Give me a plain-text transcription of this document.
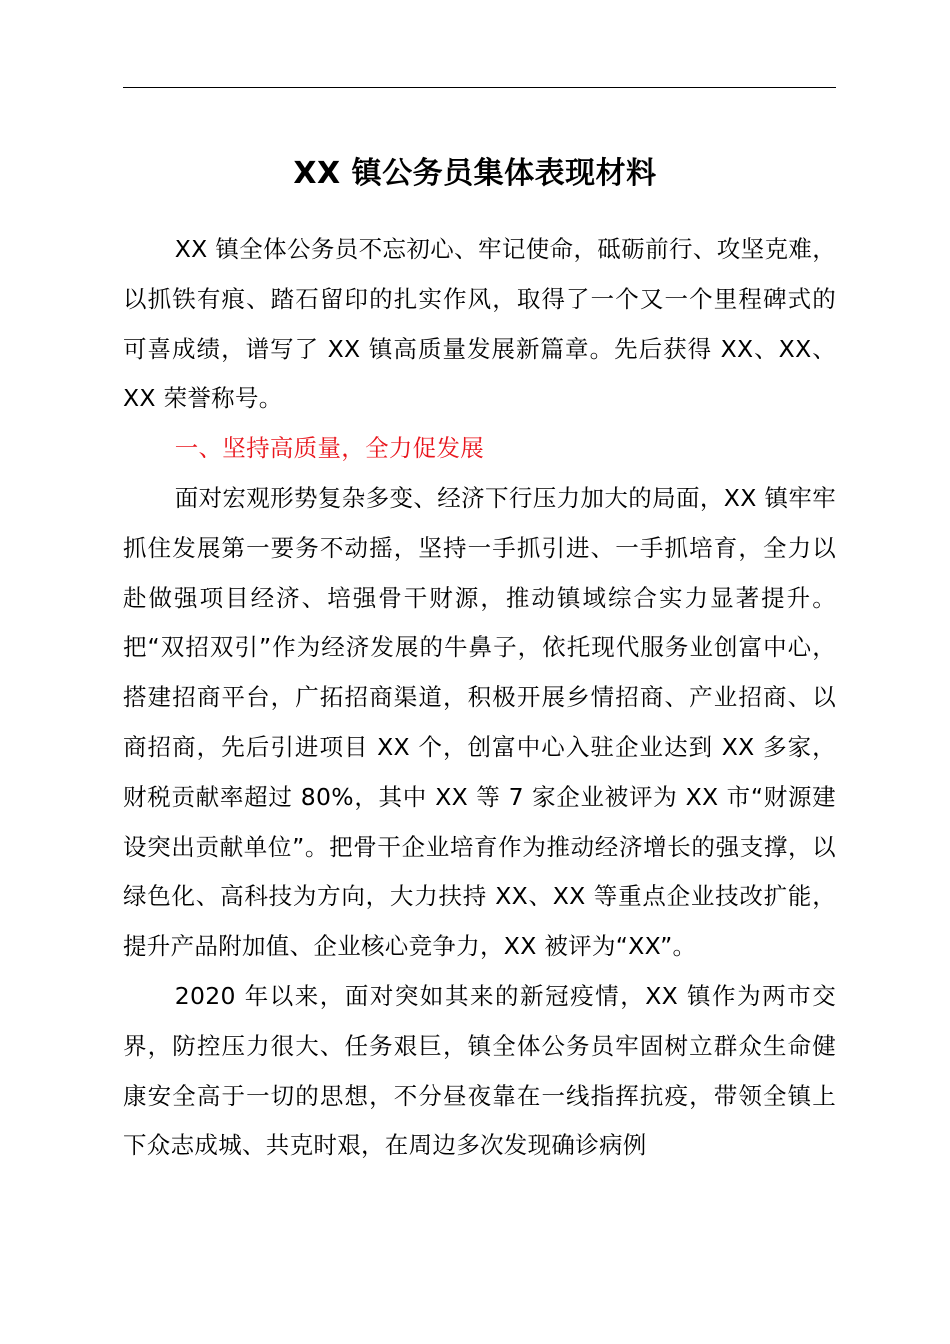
XX 镇公务员集体表现材料

XX 镇全体公务员不忘初心、牢记使命，砥砺前行、攻坚克难，以抓铁有痕、踏石留印的扎实作风，取得了一个又一个里程碑式的可喜成绩，谱写了 XX 镇高质量发展新篇章。先后获得 XX、XX、XX 荣誉称号。

一、坚持高质量，全力促发展

面对宏观形势复杂多变、经济下行压力加大的局面，XX 镇牢牢抓住发展第一要务不动摇，坚持一手抓引进、一手抓培育，全力以赴做强项目经济、培强骨干财源，推动镇域综合实力显著提升。把“双招双引”作为经济发展的牛鼻子，依托现代服务业创富中心，搭建招商平台，广拓招商渠道，积极开展乡情招商、产业招商、以商招商，先后引进项目 XX 个，创富中心入驻企业达到 XX 多家，财税贡献率超过 80%，其中 XX 等 7 家企业被评为 XX 市“财源建设突出贡献单位”。把骨干企业培育作为推动经济增长的强支撑，以绿色化、高科技为方向，大力扶持 XX、XX 等重点企业技改扩能，提升产品附加值、企业核心竞争力，XX 被评为“XX”。

2020 年以来，面对突如其来的新冠疫情，XX 镇作为两市交界，防控压力很大、任务艰巨，镇全体公务员牢固树立群众生命健康安全高于一切的思想，不分昼夜靠在一线指挥抗疫，带领全镇上下众志成城、共克时艰，在周边多次发现确诊病例
